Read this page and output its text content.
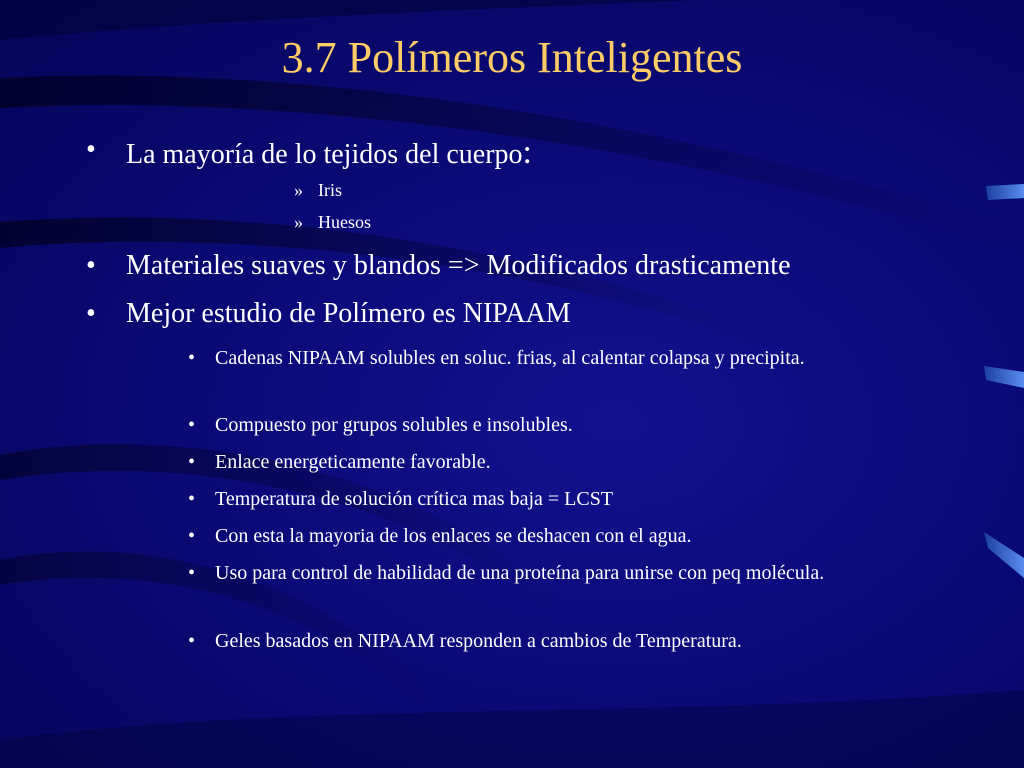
3.7 Polímeros Inteligentes
• La mayoría de lo tejidos del cuerpo:
» Iris
» Huesos
• Materiales suaves y blandos => Modificados drasticamente
• Mejor estudio de Polímero es NIPAAM
• Cadenas NIPAAM solubles en soluc. frias, al calentar colapsa y precipita.
• Compuesto por grupos solubles e insolubles.
• Enlace energeticamente favorable.
• Temperatura de solución crítica mas baja = LCST
• Con esta la mayoria de los enlaces se deshacen con el agua.
• Uso para control de habilidad de una proteína para unirse con peq molécula.
• Geles basados en NIPAAM responden a cambios de Temperatura.
